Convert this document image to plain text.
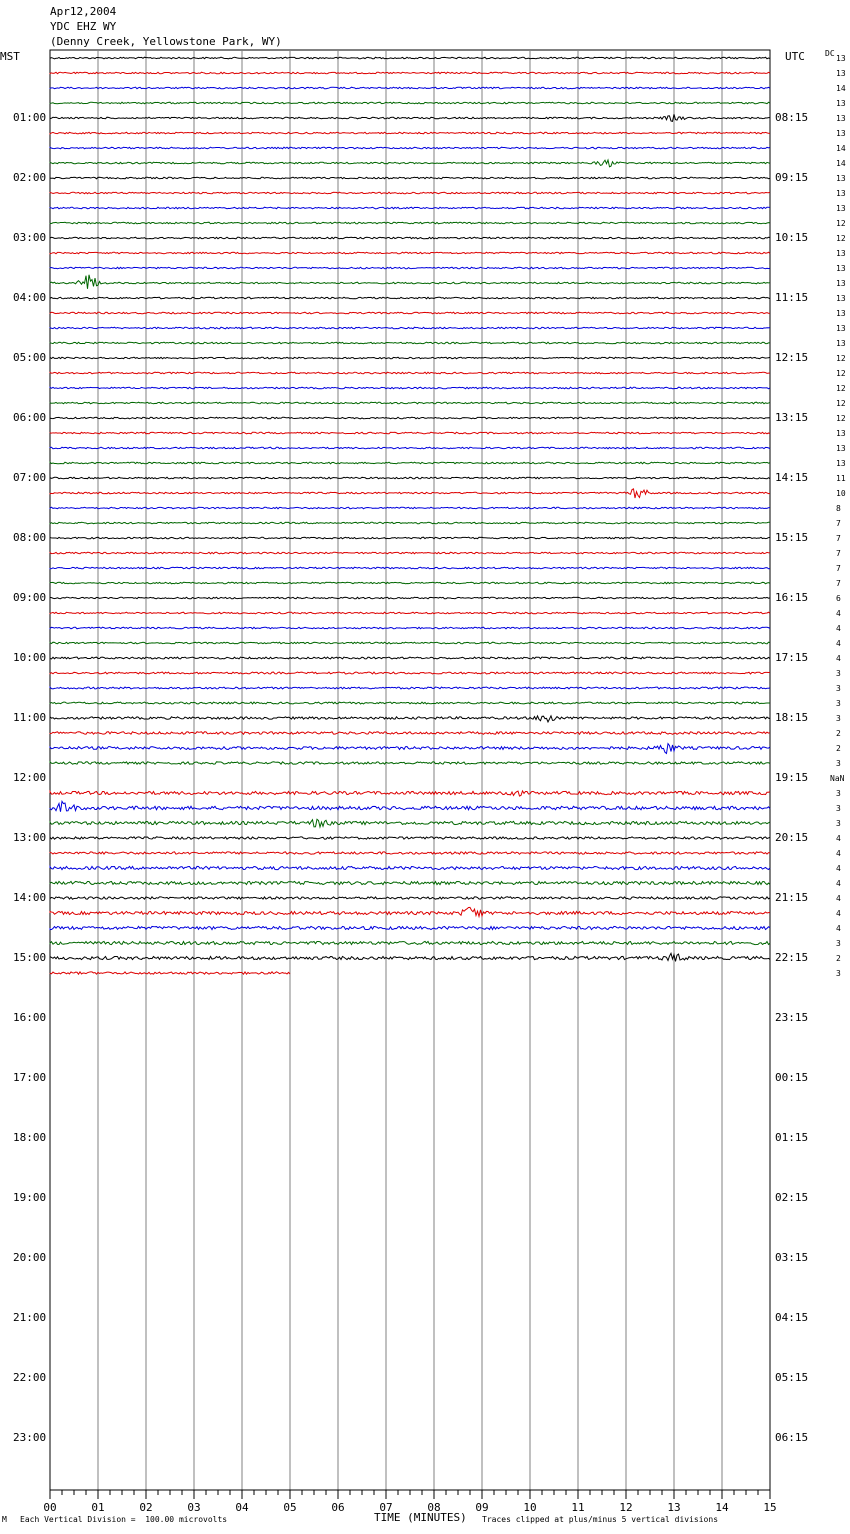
Apr12,2004
YDC EHZ WY
(Denny Creek, Yellowstone Park, WY)
MST	UTC	DC
00	01	02	03	04	05	06	07	08	09	10	11	12	13	14	15
01:00
02:00
03:00
04:00
05:00
06:00
07:00
08:00
09:00
10:00
11:00
12:00
13:00
14:00
15:00
16:00
17:00
18:00
19:00
20:00
21:00
22:00
23:00
08:15
09:15
10:15
11:15
12:15
13:15
14:15
15:15
16:15
17:15
18:15
19:15
20:15
21:15
22:15
23:15
00:15
01:15
02:15
03:15
04:15
05:15
06:15
13
13
14
13
13
13
14
14
13
13
13
12
12
13
13
13
13
13
13
13
12
12
12
12
12
13
13
13
11
10
8
7
7
7
7
7
6
4
4
4
4
3
3
3
3
2
2
3
NaN
3
3
3
4
4
4
4
4
4
4
3
2
3
TIME (MINUTES)
M Each Vertical Division =  100.00 microvolts	Traces clipped at plus/minus 5 vertical divisions
